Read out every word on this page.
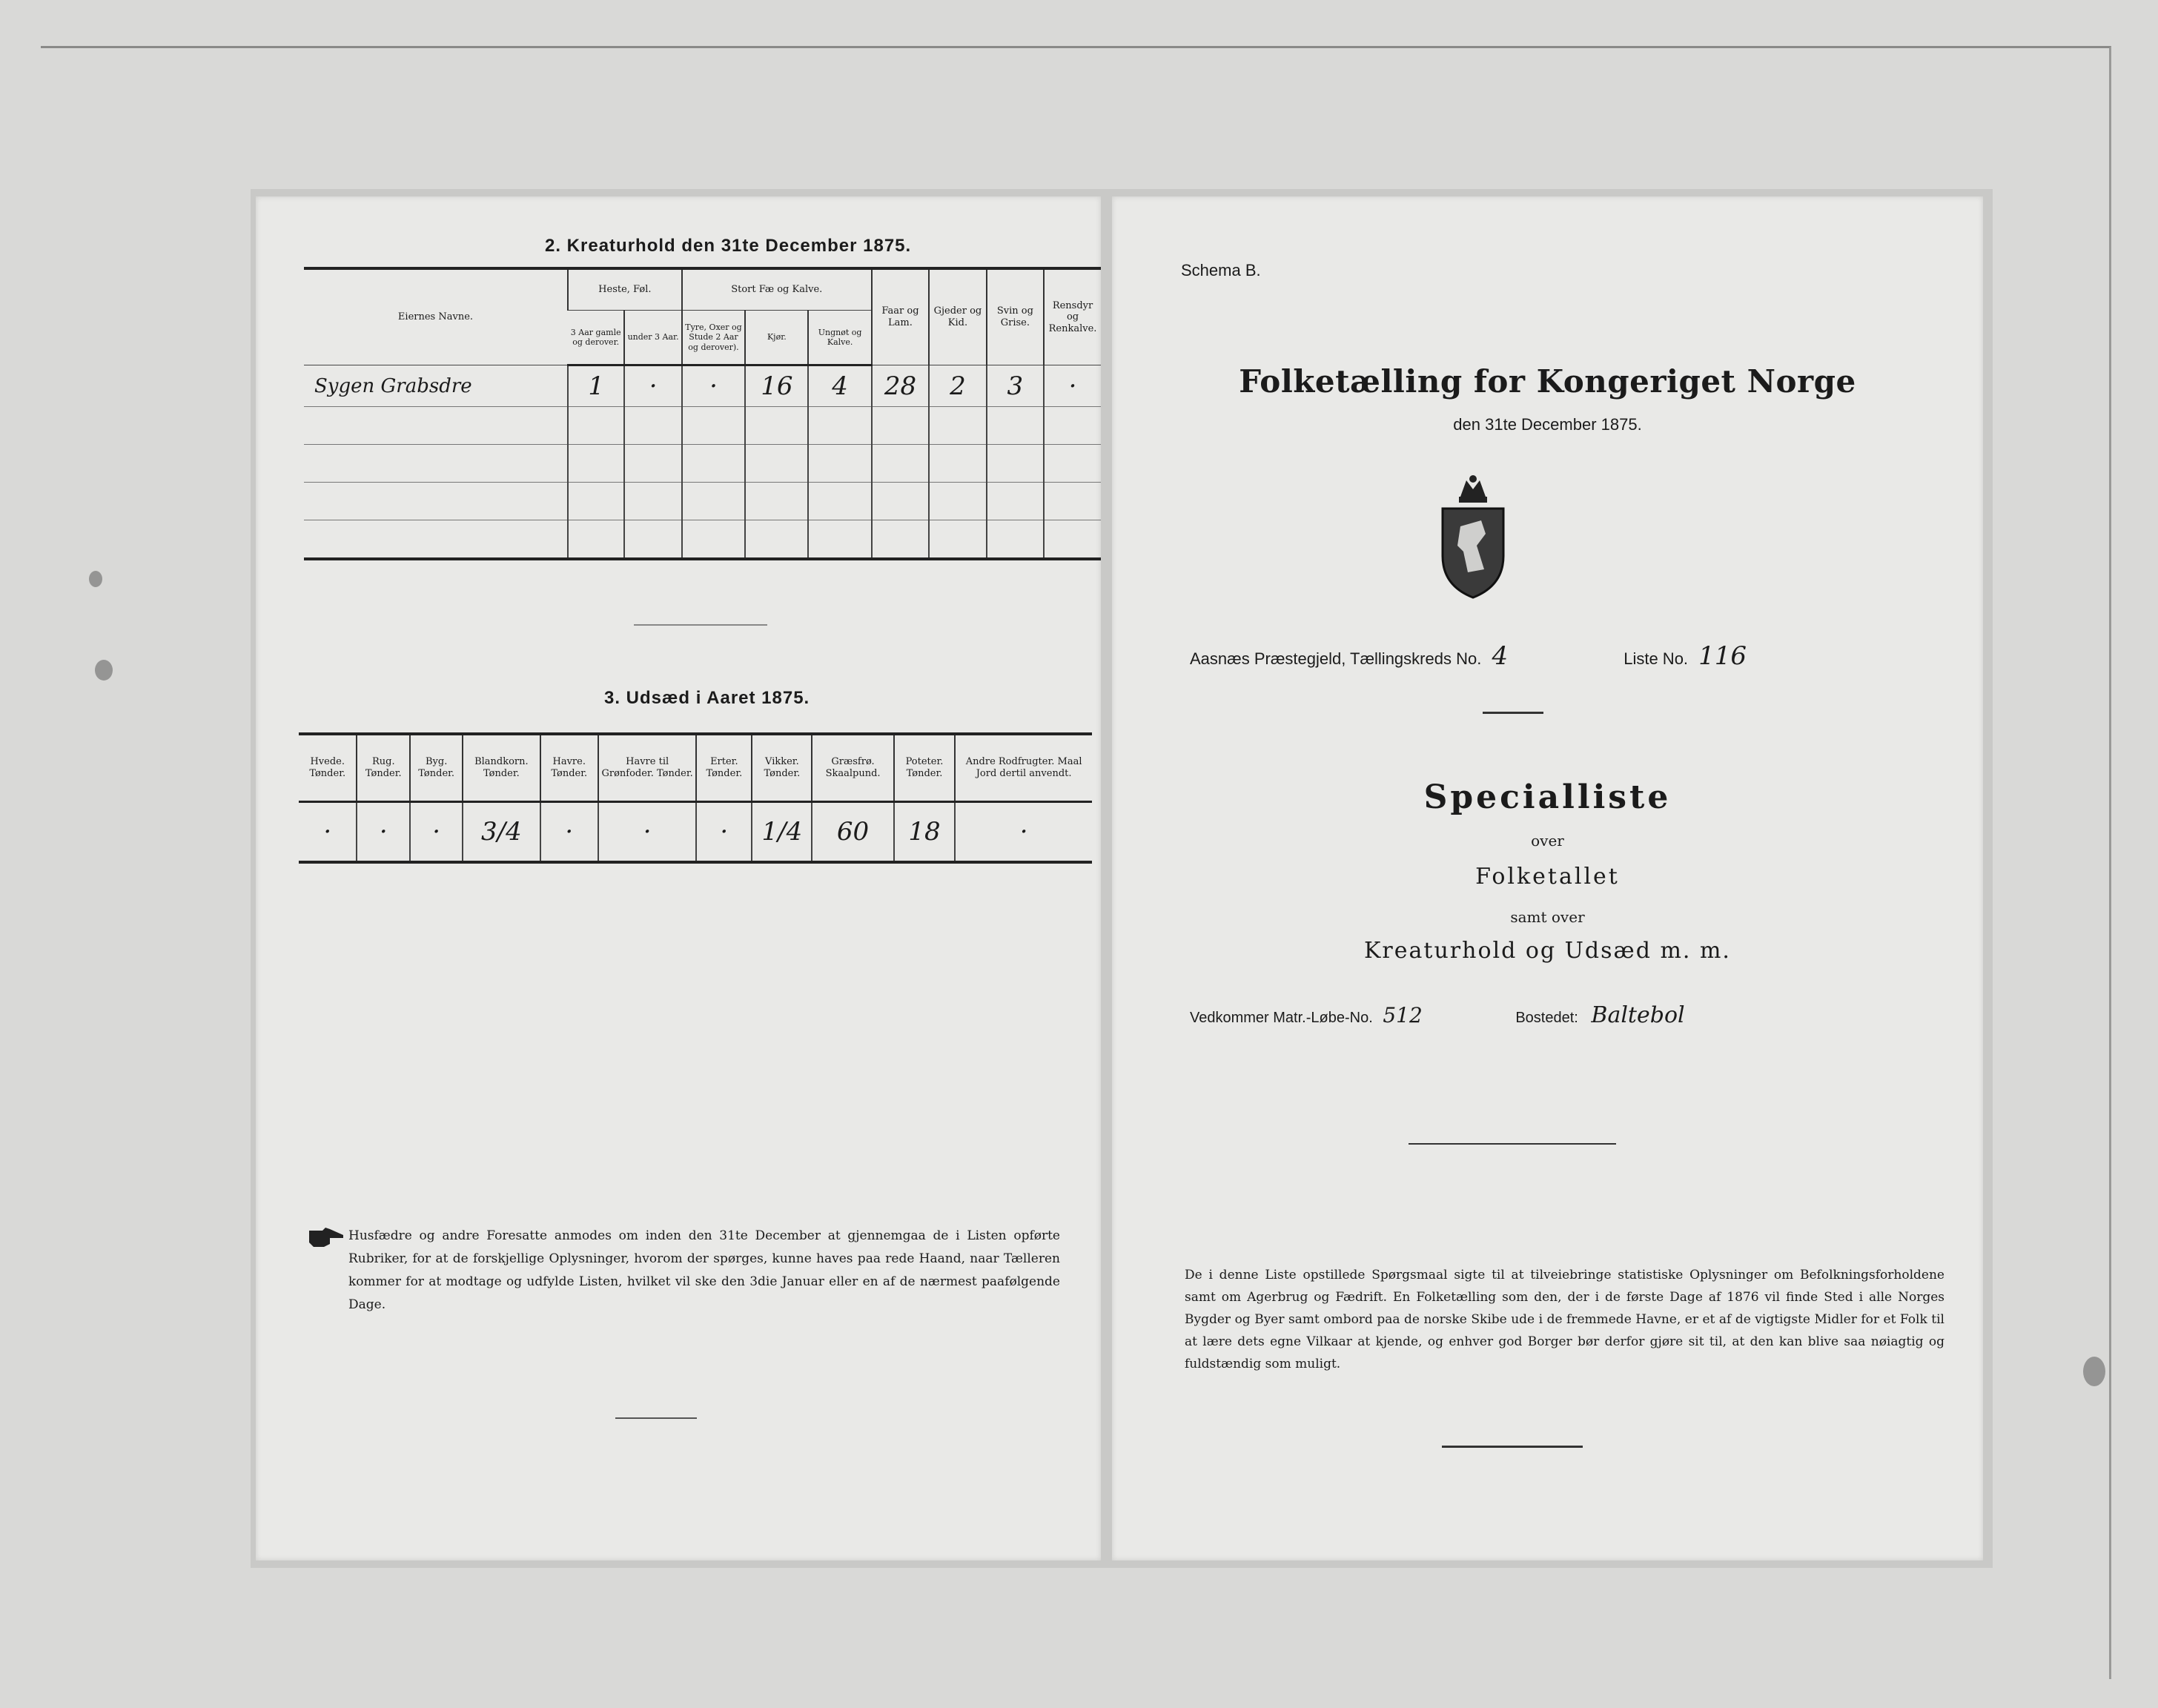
2. Kreaturhold den 31te December 1875.
Eiernes Navne.	Heste, Føl.		Stort Fæ og Kalve.			Faar og Lam.	Gjeder og Kid.	Svin og Grise.	Rensdyr og Renkalve.
	3 Aar gamle og derover.	under 3 Aar.	Tyre, Oxer og Stude 2 Aar og derover).	Kjør.	Ungnøt og Kalve.				
Sygen Grabsdre	1	·	·	16	4	28	2	3	·

3. Udsæd i Aaret 1875.
Hvede. Tønder.	Rug. Tønder.	Byg. Tønder.	Blandkorn. Tønder.	Havre. Tønder.	Havre til Grønfoder. Tønder.	Erter. Tønder.	Vikker. Tønder.	Græsfrø. Skaalpund.	Poteter. Tønder.	Andre Rodfrugter. Maal Jord dertil anvendt.
·	·	·	3/4	·	·	·	1/4	60	18	·
Husfædre og andre Foresatte anmodes om inden den 31te December at gjennemgaa de i Listen opførte Rubriker, for at de forskjellige Oplysninger, hvorom der spørges, kunne haves paa rede Haand, naar Tælleren kommer for at modtage og udfylde Listen, hvilket vil ske den 3die Januar eller en af de nærmest paafølgende Dage.
Schema B.
Folketælling for Kongeriget Norge
den 31te December 1875.
Aasnæs Præstegjeld, Tællingskreds No. 4	Liste No. 116
Specialliste
over
Folketallet
samt over
Kreaturhold og Udsæd m. m.
Vedkommer Matr.-Løbe-No. 512	Bostedet: Baltebol
De i denne Liste opstillede Spørgsmaal sigte til at tilveiebringe statistiske Oplysninger om Befolkningsforholdene samt om Agerbrug og Fædrift. En Folketælling som den, der i de første Dage af 1876 vil finde Sted i alle Norges Bygder og Byer samt ombord paa de norske Skibe ude i de fremmede Havne, er et af de vigtigste Midler for et Folk til at lære dets egne Vilkaar at kjende, og enhver god Borger bør derfor gjøre sit til, at den kan blive saa nøiagtig og fuldstændig som muligt.
